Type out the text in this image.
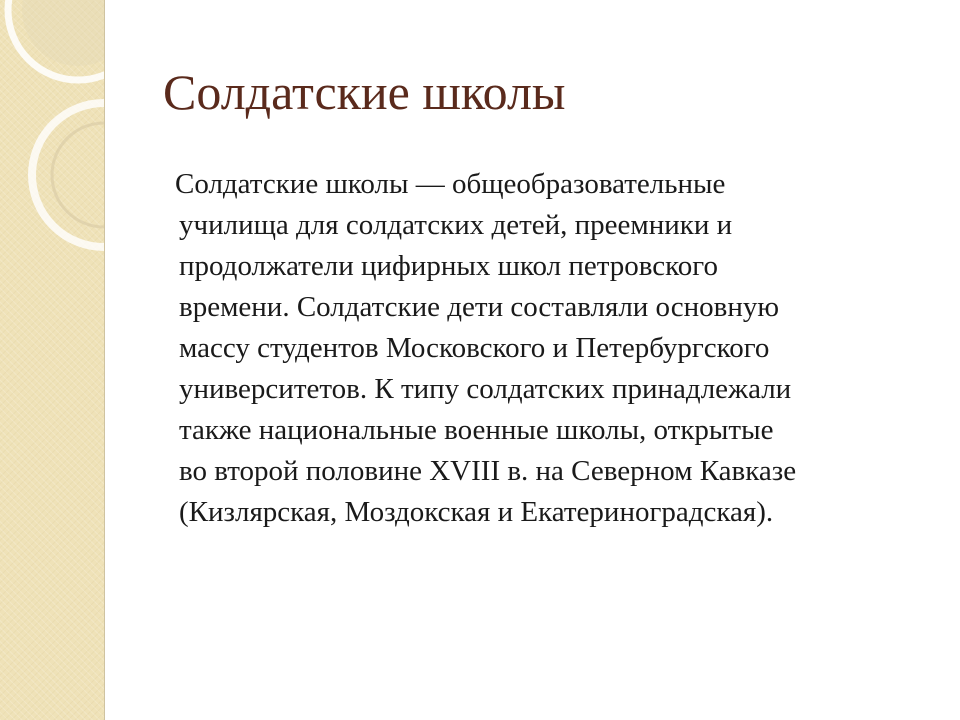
Солдатские школы

Солдатские школы — общеобразовательные
училища для солдатских детей, преемники и
продолжатели цифирных школ петровского
времени. Солдатские дети составляли основную
массу студентов Московского и Петербургского
университетов. К типу солдатских принадлежали
также национальные военные школы, открытые
во второй половине XVIII в. на Северном Кавказе
(Кизлярская, Моздокская и Екатериноградская).
